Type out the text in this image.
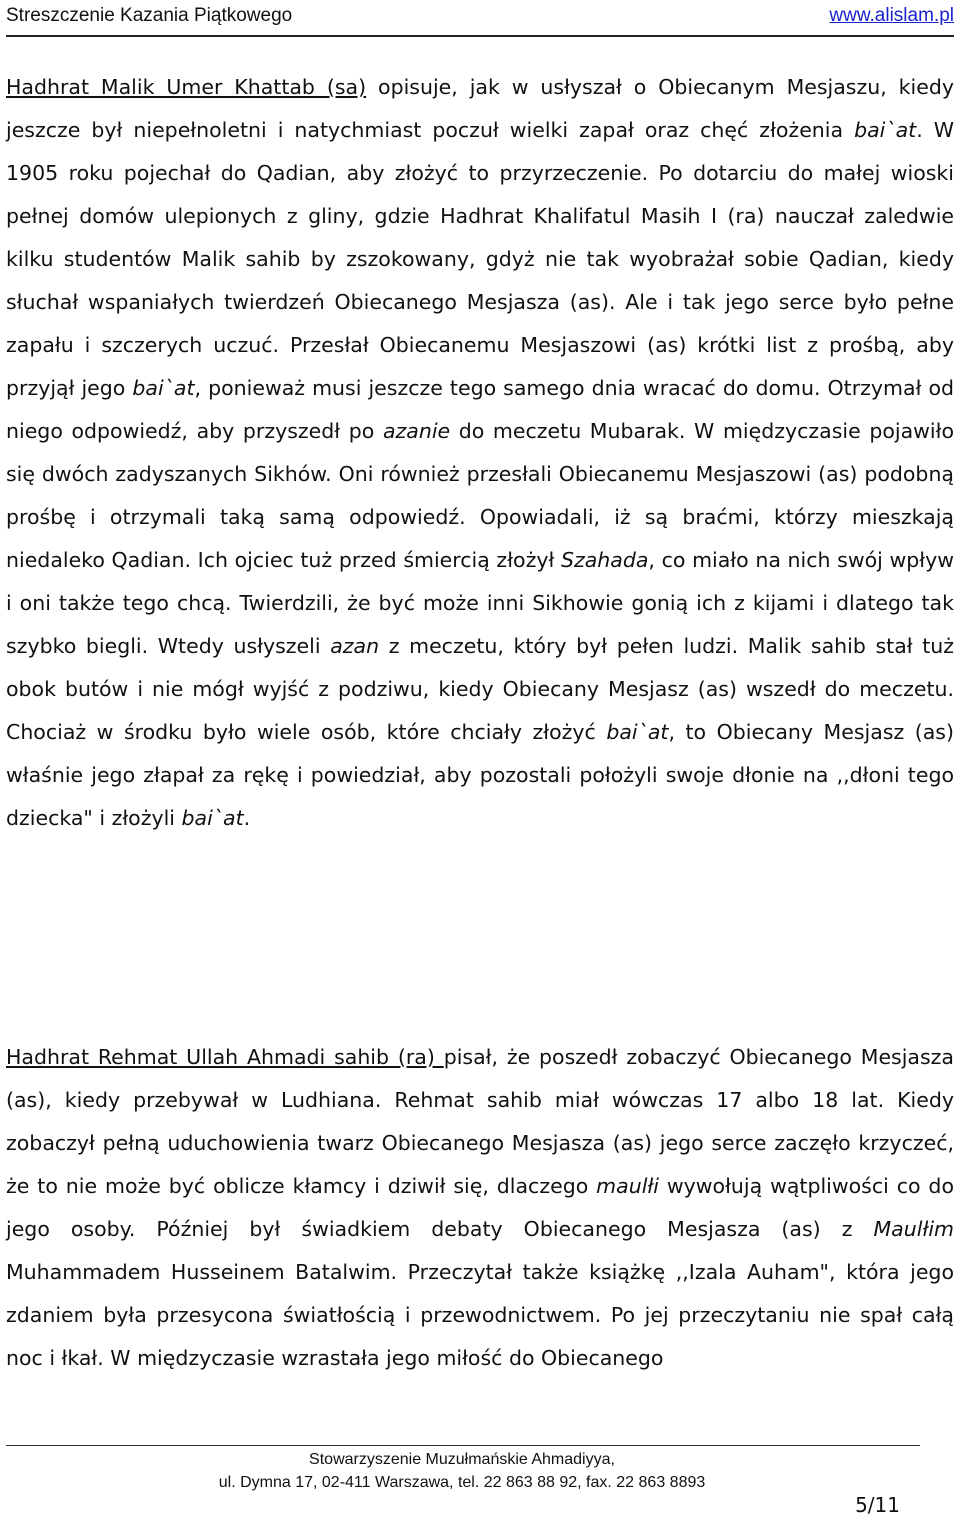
Streszczenie Kazania Piątkowego	www.alislam.pl

Hadhrat Malik Umer Khattab (sa) opisuje, jak w usłyszał o Obiecanym Mesjaszu, kiedy jeszcze był niepełnoletni i natychmiast poczuł wielki zapał oraz chęć złożenia bai`at. W 1905 roku pojechał do Qadian, aby złożyć to przyrzeczenie. Po dotarciu do małej wioski pełnej domów ulepionych z gliny, gdzie Hadhrat Khalifatul Masih I (ra) nauczał zaledwie kilku studentów Malik sahib by zszokowany, gdyż nie tak wyobrażał sobie Qadian, kiedy słuchał wspaniałych twierdzeń Obiecanego Mesjasza (as). Ale i tak jego serce było pełne zapału i szczerych uczuć. Przesłał Obiecanemu Mesjaszowi (as) krótki list z prośbą, aby przyjął jego bai`at, ponieważ musi jeszcze tego samego dnia wracać do domu. Otrzymał od niego odpowiedź, aby przyszedł po azanie do meczetu Mubarak. W międzyczasie pojawiło się dwóch zadyszanych Sikhów. Oni również przesłali Obiecanemu Mesjaszowi (as) podobną prośbę i otrzymali taką samą odpowiedź. Opowiadali, iż są braćmi, którzy mieszkają niedaleko Qadian. Ich ojciec tuż przed śmiercią złożył Szahada, co miało na nich swój wpływ i oni także tego chcą. Twierdzili, że być może inni Sikhowie gonią ich z kijami i dlatego tak szybko biegli. Wtedy usłyszeli azan z meczetu, który był pełen ludzi. Malik sahib stał tuż obok butów i nie mógł wyjść z podziwu, kiedy Obiecany Mesjasz (as) wszedł do meczetu. Chociaż w środku było wiele osób, które chciały złożyć bai`at, to Obiecany Mesjasz (as) właśnie jego złapał za rękę i powiedział, aby pozostali położyli swoje dłonie na ,,dłoni tego dziecka" i złożyli bai`at.

Hadhrat Rehmat Ullah Ahmadi sahib (ra) pisał, że poszedł zobaczyć Obiecanego Mesjasza (as), kiedy przebywał w Ludhiana. Rehmat sahib miał wówczas 17 albo 18 lat. Kiedy zobaczył pełną uduchowienia twarz Obiecanego Mesjasza (as) jego serce zaczęło krzyczeć, że to nie może być oblicze kłamcy i dziwił się, dlaczego maulłi wywołują wątpliwości co do jego osoby. Później był świadkiem debaty Obiecanego Mesjasza (as) z Maulłim Muhammadem Husseinem Batalwim. Przeczytał także książkę ,,Izala Auham", która jego zdaniem była przesycona światłością i przewodnictwem. Po jej przeczytaniu nie spał całą noc i łkał. W międzyczasie wzrastała jego miłość do Obiecanego

Stowarzyszenie Muzułmańskie Ahmadiyya,
ul. Dymna 17, 02-411 Warszawa, tel. 22 863 88 92, fax. 22 863 8893
5/11
